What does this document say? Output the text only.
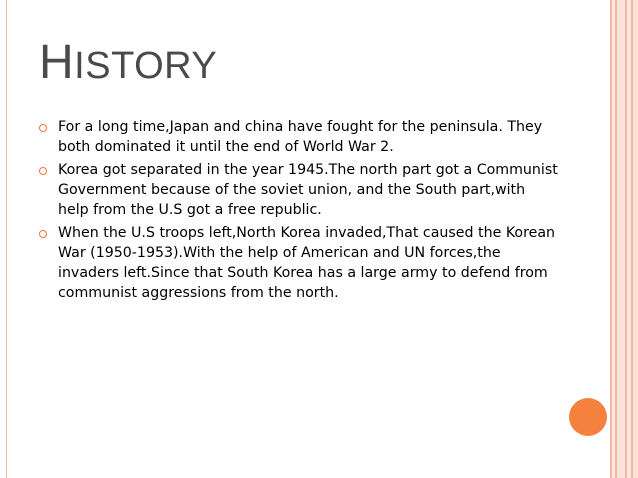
HISTORY
For a long time,Japan and china have fought for the peninsula. They both dominated it until the end of World War 2.
Korea got separated in the year 1945.The north part got a Communist Government because of the soviet union, and the South part,with help from the U.S got a free republic.
When the U.S troops left,North Korea invaded,That caused the Korean War (1950-1953).With the help of American and UN forces,the invaders left.Since that South Korea has a large army to defend from communist aggressions from the north.
